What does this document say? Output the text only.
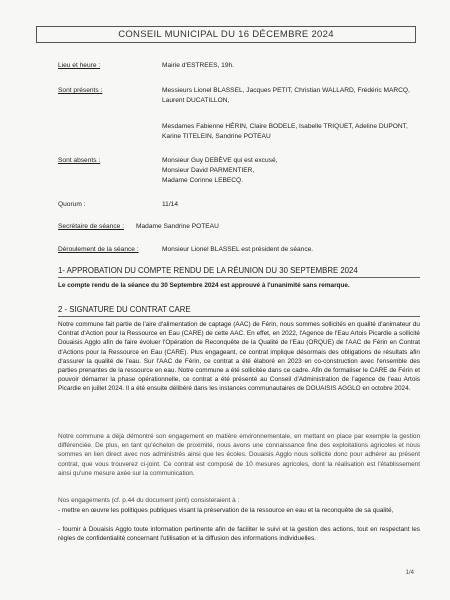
CONSEIL MUNICIPAL DU 16 DÉCEMBRE 2024
Lieu et heure :	Mairie d'ESTREES, 19h.
Sont présents :	Messieurs Lionel BLASSEL, Jacques PETIT, Christian WALLARD, Frédéric MARCQ, Laurent DUCATILLON,
Mesdames Fabienne HÉRIN, Claire BODELE, Isabelle TRIQUET, Adeline DUPONT, Karine TITELEIN, Sandrine POTEAU
Sont absents :	Monsieur Guy DEBÈVE qui est excusé,
Monsieur David PARMENTIER,
Madame Corinne LEBECQ.
Quorum :	11/14
Secrétaire de séance : Madame Sandrine POTEAU
Déroulement de la séance :	Monsieur Lionel BLASSEL est président de séance.
1- APPROBATION DU COMPTE RENDU DE LA RÉUNION DU 30 SEPTEMBRE 2024
Le compte rendu de la séance du 30 Septembre 2024 est approuvé à l'unanimité sans remarque.
2 - SIGNATURE DU CONTRAT CARE
Notre commune fait partie de l'aire d'alimentation de captage (AAC) de Férin, nous sommes sollicités en qualité d'animateur du Contrat d'Action pour la Ressource en Eau (CARE) de cette AAC. En effet, en 2022, l'Agence de l'Eau Artois Picardie a sollicité Douaisis Agglo afin de faire évoluer l'Opération de Reconquête de la Qualité de l'Eau (ORQUE) de l'AAC de Férin en Contrat d'Actions pour la Ressource en Eau (CARE). Plus engageant, ce contrat implique désormais des obligations de résultats afin d'assurer la qualité de l'eau. Sur l'AAC de Férin, ce contrat a été élaboré en 2023 en co-construction avec l'ensemble des parties prenantes de la ressource en eau. Notre commune a été sollicitée dans ce cadre. Afin de formaliser le CARE de Férin et pouvoir démarrer la phase opérationnelle, ce contrat a été présenté au Conseil d'Administration de l'agence de l'eau Artois Picardie en juillet 2024. Il a été ensuite délibéré dans les instances communautaires de DOUAISIS AGGLO en octobre 2024.
Notre commune a déjà démontré son engagement en matière environnementale, en mettant en place par exemple la gestion différenciée. De plus, en tant qu'échelon de proximité, nous avons une connaissance fine des exploitations agricoles et nous sommes en lien direct avec nos administrés ainsi que les écoles. Douaisis Agglo nous sollicite donc pour adhérer au présent contrat, que vous trouverez ci-joint. Ce contrat est composé de 10 mesures agricoles, dont la réalisation est l'établissement ainsi qu'une mesure axée sur la communication.
Nos engagements (cf. p.44 du document joint) consisteraient à :
- mettre en œuvre les politiques publiques visant la préservation de la ressource en eau et la reconquête de sa qualité,
- fournir à Douaisis Agglo toute information pertinente afin de faciliter le suivi et la gestion des actions, tout en respectant les règles de confidentialité concernant l'utilisation et la diffusion des informations individuelles.
1/4
